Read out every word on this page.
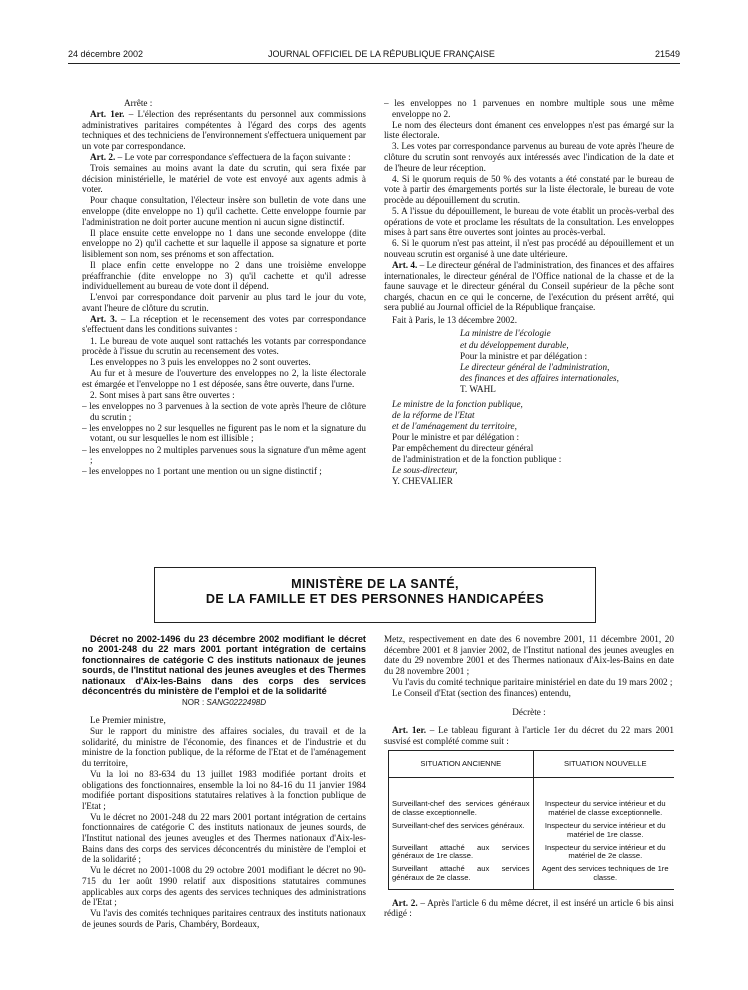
24 décembre 2002	JOURNAL OFFICIEL DE LA RÉPUBLIQUE FRANÇAISE	21549

Arrête :

Art. 1er. – L'élection des représentants du personnel aux commissions administratives paritaires compétentes à l'égard des corps des agents techniques et des techniciens de l'environnement s'effectuera uniquement par un vote par correspondance.

Art. 2. – Le vote par correspondance s'effectuera de la façon suivante :

Trois semaines au moins avant la date du scrutin, qui sera fixée par décision ministérielle, le matériel de vote est envoyé aux agents admis à voter.

Pour chaque consultation, l'électeur insère son bulletin de vote dans une enveloppe (dite enveloppe no 1) qu'il cachette. Cette enveloppe fournie par l'administration ne doit porter aucune mention ni aucun signe distinctif.

Il place ensuite cette enveloppe no 1 dans une seconde enveloppe (dite enveloppe no 2) qu'il cachette et sur laquelle il appose sa signature et porte lisiblement son nom, ses prénoms et son affectation.

Il place enfin cette enveloppe no 2 dans une troisième enveloppe préaffranchie (dite enveloppe no 3) qu'il cachette et qu'il adresse individuellement au bureau de vote dont il dépend.

L'envoi par correspondance doit parvenir au plus tard le jour du vote, avant l'heure de clôture du scrutin.

Art. 3. – La réception et le recensement des votes par correspondance s'effectuent dans les conditions suivantes :

1. Le bureau de vote auquel sont rattachés les votants par correspondance procède à l'issue du scrutin au recensement des votes.

Les enveloppes no 3 puis les enveloppes no 2 sont ouvertes.

Au fur et à mesure de l'ouverture des enveloppes no 2, la liste électorale est émargée et l'enveloppe no 1 est déposée, sans être ouverte, dans l'urne.

2. Sont mises à part sans être ouvertes :

– les enveloppes no 3 parvenues à la section de vote après l'heure de clôture du scrutin ;

– les enveloppes no 2 sur lesquelles ne figurent pas le nom et la signature du votant, ou sur lesquelles le nom est illisible ;

– les enveloppes no 2 multiples parvenues sous la signature d'un même agent ;

– les enveloppes no 1 portant une mention ou un signe distinctif ;

– les enveloppes no 1 parvenues en nombre multiple sous une même enveloppe no 2.

Le nom des électeurs dont émanent ces enveloppes n'est pas émargé sur la liste électorale.

3. Les votes par correspondance parvenus au bureau de vote après l'heure de clôture du scrutin sont renvoyés aux intéressés avec l'indication de la date et de l'heure de leur réception.

4. Si le quorum requis de 50 % des votants a été constaté par le bureau de vote à partir des émargements portés sur la liste électorale, le bureau de vote procède au dépouillement du scrutin.

5. A l'issue du dépouillement, le bureau de vote établit un procès-verbal des opérations de vote et proclame les résultats de la consultation. Les enveloppes mises à part sans être ouvertes sont jointes au procès-verbal.

6. Si le quorum n'est pas atteint, il n'est pas procédé au dépouillement et un nouveau scrutin est organisé à une date ultérieure.

Art. 4. – Le directeur général de l'administration, des finances et des affaires internationales, le directeur général de l'Office national de la chasse et de la faune sauvage et le directeur général du Conseil supérieur de la pêche sont chargés, chacun en ce qui le concerne, de l'exécution du présent arrêté, qui sera publié au Journal officiel de la République française.

Fait à Paris, le 13 décembre 2002.

La ministre de l'écologie

et du développement durable,

Pour la ministre et par délégation :

Le directeur général de l'administration,

des finances et des affaires internationales,

T. WAHL

Le ministre de la fonction publique,

de la réforme de l'Etat

et de l'aménagement du territoire,

Pour le ministre et par délégation :

Par empêchement du directeur général

de l'administration et de la fonction publique :

Le sous-directeur,

Y. CHEVALIER

MINISTÈRE DE LA SANTÉ,
DE LA FAMILLE ET DES PERSONNES HANDICAPÉES

Décret no 2002-1496 du 23 décembre 2002 modifiant le décret no 2001-248 du 22 mars 2001 portant intégration de certains fonctionnaires de catégorie C des instituts nationaux de jeunes sourds, de l'Institut national des jeunes aveugles et des Thermes nationaux d'Aix-les-Bains dans des corps des services déconcentrés du ministère de l'emploi et de la solidarité

NOR : SANG0222498D

Le Premier ministre,

Sur le rapport du ministre des affaires sociales, du travail et de la solidarité, du ministre de l'économie, des finances et de l'industrie et du ministre de la fonction publique, de la réforme de l'Etat et de l'aménagement du territoire,

Vu la loi no 83-634 du 13 juillet 1983 modifiée portant droits et obligations des fonctionnaires, ensemble la loi no 84-16 du 11 janvier 1984 modifiée portant dispositions statutaires relatives à la fonction publique de l'Etat ;

Vu le décret no 2001-248 du 22 mars 2001 portant intégration de certains fonctionnaires de catégorie C des instituts nationaux de jeunes sourds, de l'Institut national des jeunes aveugles et des Thermes nationaux d'Aix-les-Bains dans des corps des services déconcentrés du ministère de l'emploi et de la solidarité ;

Vu le décret no 2001-1008 du 29 octobre 2001 modifiant le décret no 90-715 du 1er août 1990 relatif aux dispositions statutaires communes applicables aux corps des agents des services techniques des administrations de l'Etat ;

Vu l'avis des comités techniques paritaires centraux des instituts nationaux de jeunes sourds de Paris, Chambéry, Bordeaux,

Metz, respectivement en date des 6 novembre 2001, 11 décembre 2001, 20 décembre 2001 et 8 janvier 2002, de l'Institut national des jeunes aveugles en date du 29 novembre 2001 et des Thermes nationaux d'Aix-les-Bains en date du 28 novembre 2001 ;

Vu l'avis du comité technique paritaire ministériel en date du 19 mars 2002 ;

Le Conseil d'Etat (section des finances) entendu,

Décrète :

Art. 1er. – Le tableau figurant à l'article 1er du décret du 22 mars 2001 susvisé est complété comme suit :

SITUATION ANCIENNE	SITUATION NOUVELLE
Surveillant-chef des services généraux de classe exceptionnelle.	Inspecteur du service intérieur et du matériel de classe exceptionnelle.
Surveillant-chef des services généraux.	Inspecteur du service intérieur et du matériel de 1re classe.
Surveillant attaché aux services généraux de 1re classe.	Inspecteur du service intérieur et du matériel de 2e classe.
Surveillant attaché aux services généraux de 2e classe.	Agent des services techniques de 1re classe.

Art. 2. – Après l'article 6 du même décret, il est inséré un article 6 bis ainsi rédigé :
